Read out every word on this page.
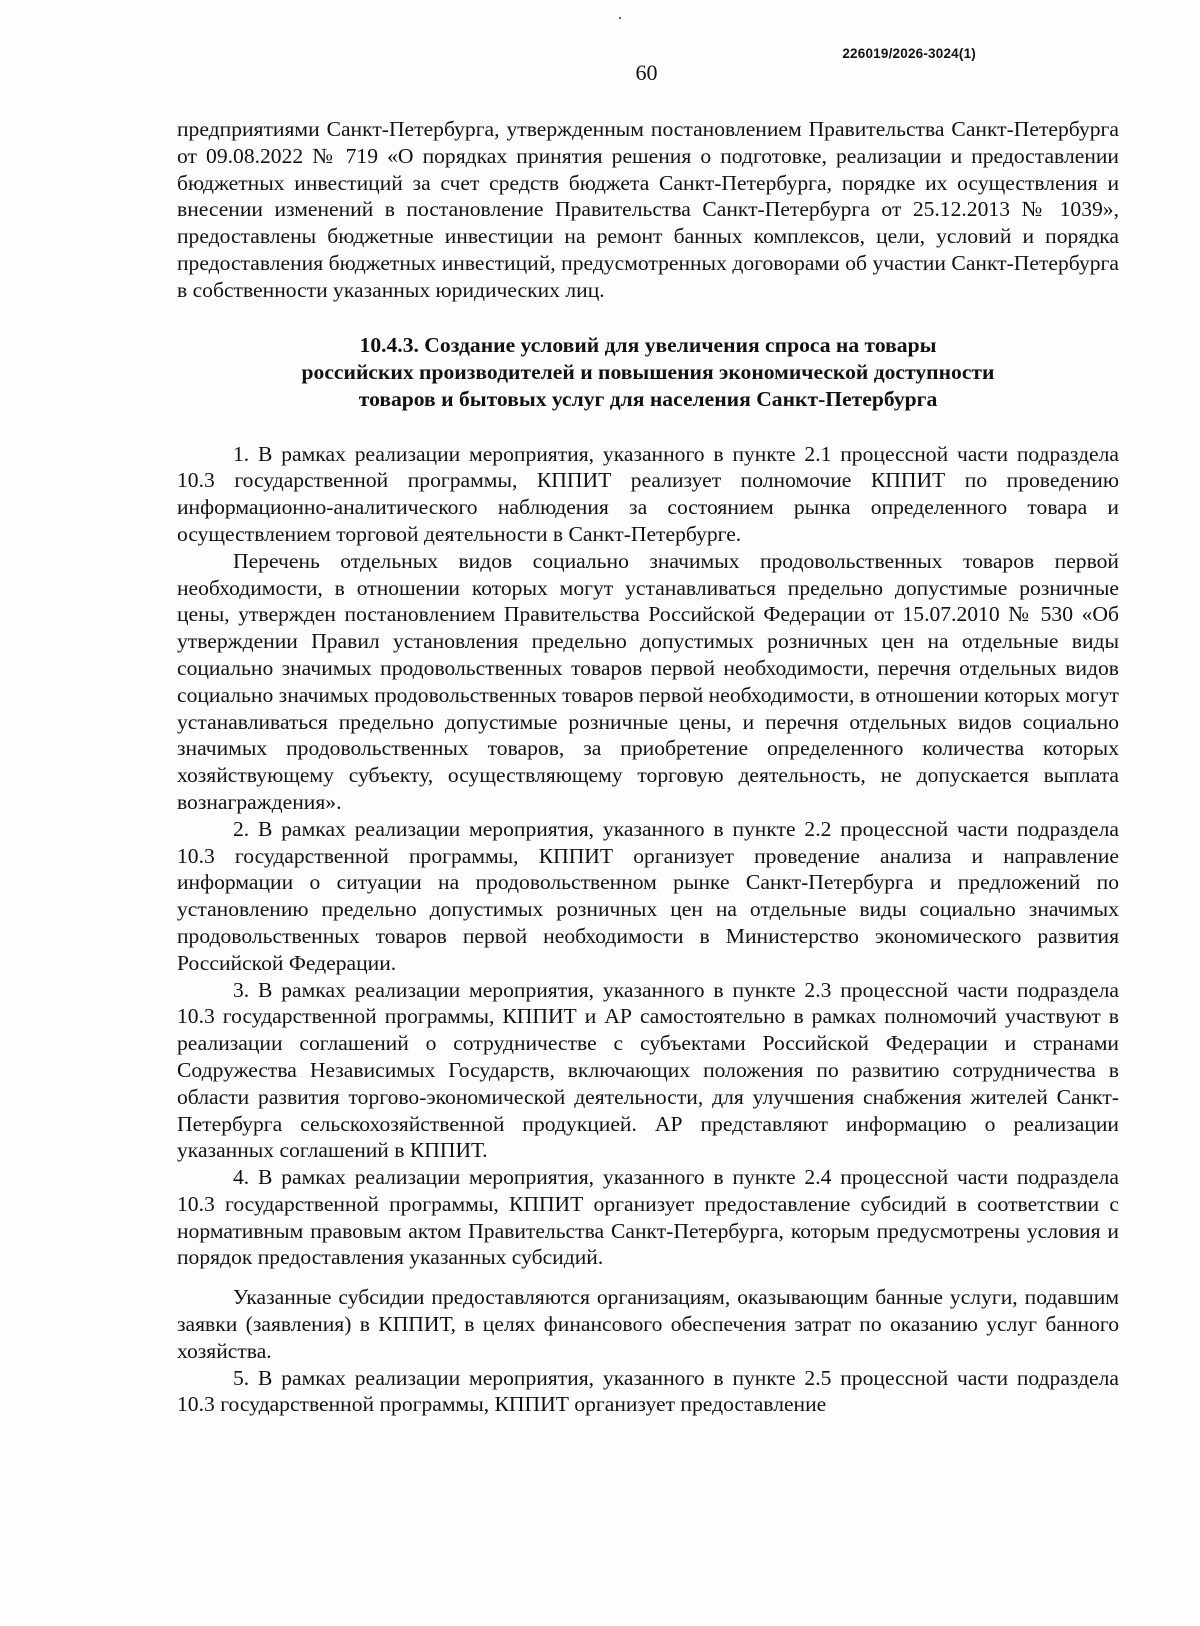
226019/2026-3024(1)
60

предприятиями Санкт-Петербурга, утвержденным постановлением Правительства Санкт-Петербурга от 09.08.2022 № 719 «О порядках принятия решения о подготовке, реализации и предоставлении бюджетных инвестиций за счет средств бюджета Санкт-Петербурга, порядке их осуществления и внесении изменений в постановление Правительства Санкт-Петербурга от 25.12.2013 № 1039», предоставлены бюджетные инвестиции на ремонт банных комплексов, цели, условий и порядка предоставления бюджетных инвестиций, предусмотренных договорами об участии Санкт-Петербурга в собственности указанных юридических лиц.

10.4.3. Создание условий для увеличения спроса на товары
российских производителей и повышения экономической доступности
товаров и бытовых услуг для населения Санкт-Петербурга

1. В рамках реализации мероприятия, указанного в пункте 2.1 процессной части подраздела 10.3 государственной программы, КППИТ реализует полномочие КППИТ по проведению информационно-аналитического наблюдения за состоянием рынка определенного товара и осуществлением торговой деятельности в Санкт-Петербурге.

Перечень отдельных видов социально значимых продовольственных товаров первой необходимости, в отношении которых могут устанавливаться предельно допустимые розничные цены, утвержден постановлением Правительства Российской Федерации от 15.07.2010 № 530 «Об утверждении Правил установления предельно допустимых розничных цен на отдельные виды социально значимых продовольственных товаров первой необходимости, перечня отдельных видов социально значимых продовольственных товаров первой необходимости, в отношении которых могут устанавливаться предельно допустимые розничные цены, и перечня отдельных видов социально значимых продовольственных товаров, за приобретение определенного количества которых хозяйствующему субъекту, осуществляющему торговую деятельность, не допускается выплата вознаграждения».

2. В рамках реализации мероприятия, указанного в пункте 2.2 процессной части подраздела 10.3 государственной программы, КППИТ организует проведение анализа и направление информации о ситуации на продовольственном рынке Санкт-Петербурга и предложений по установлению предельно допустимых розничных цен на отдельные виды социально значимых продовольственных товаров первой необходимости в Министерство экономического развития Российской Федерации.

3. В рамках реализации мероприятия, указанного в пункте 2.3 процессной части подраздела 10.3 государственной программы, КППИТ и АР самостоятельно в рамках полномочий участвуют в реализации соглашений о сотрудничестве с субъектами Российской Федерации и странами Содружества Независимых Государств, включающих положения по развитию сотрудничества в области развития торгово-экономической деятельности, для улучшения снабжения жителей Санкт-Петербурга сельскохозяйственной продукцией. АР представляют информацию о реализации указанных соглашений в КППИТ.

4. В рамках реализации мероприятия, указанного в пункте 2.4 процессной части подраздела 10.3 государственной программы, КППИТ организует предоставление субсидий в соответствии с нормативным правовым актом Правительства Санкт-Петербурга, которым предусмотрены условия и порядок предоставления указанных субсидий.

Указанные субсидии предоставляются организациям, оказывающим банные услуги, подавшим заявки (заявления) в КППИТ, в целях финансового обеспечения затрат по оказанию услуг банного хозяйства.

5. В рамках реализации мероприятия, указанного в пункте 2.5 процессной части подраздела 10.3 государственной программы, КППИТ организует предоставление
